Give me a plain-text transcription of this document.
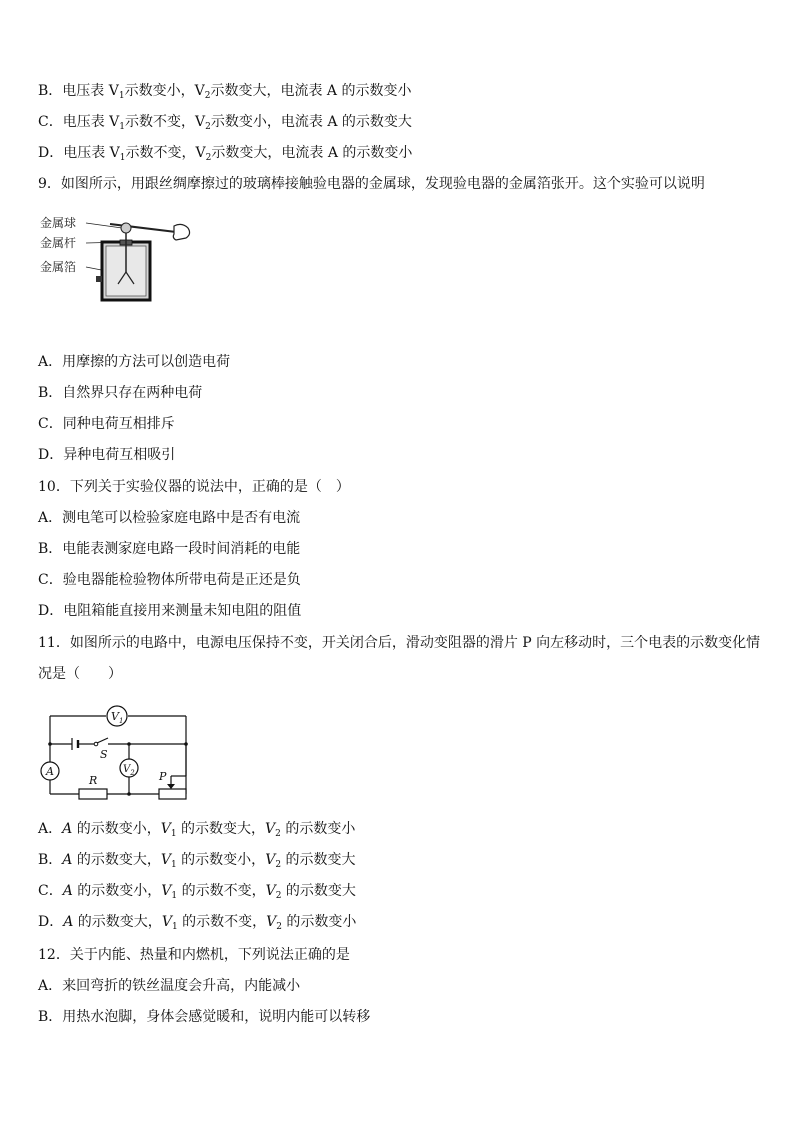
B．电压表 $V_1$示数变小，$V_2$示数变大，电流表 A 的示数变小
C．电压表 $V_1$示数不变，$V_2$示数变小，电流表 A 的示数变大
D．电压表 $V_1$示数不变，$V_2$示数变大，电流表 A 的示数变小
9．如图所示，用跟丝绸摩擦过的玻璃棒接触验电器的金属球，发现验电器的金属箔张开。这个实验可以说明
金属球
金属杆
金属箔
A．用摩擦的方法可以创造电荷
B．自然界只存在两种电荷
C．同种电荷互相排斥
D．异种电荷互相吸引
10．下列关于实验仪器的说法中，正确的是（　）
A．测电笔可以检验家庭电路中是否有电流
B．电能表测家庭电路一段时间消耗的电能
C．验电器能检验物体所带电荷是正还是负
D．电阻箱能直接用来测量未知电阻的阻值
11．如图所示的电路中，电源电压保持不变，开关闭合后，滑动变阻器的滑片 P 向左移动时，三个电表的示数变化情
况是（　　）
$V_1$
S
A	$V_2$
R	P
A．A 的示数变小，$V_1$ 的示数变大，$V_2$ 的示数变小
B．A 的示数变大，$V_1$ 的示数变小，$V_2$ 的示数变大
C．A 的示数变小，$V_1$ 的示数不变，$V_2$ 的示数变大
D．A 的示数变大，$V_1$ 的示数不变，$V_2$ 的示数变小
12．关于内能、热量和内燃机，下列说法正确的是
A．来回弯折的铁丝温度会升高，内能减小
B．用热水泡脚，身体会感觉暖和，说明内能可以转移
